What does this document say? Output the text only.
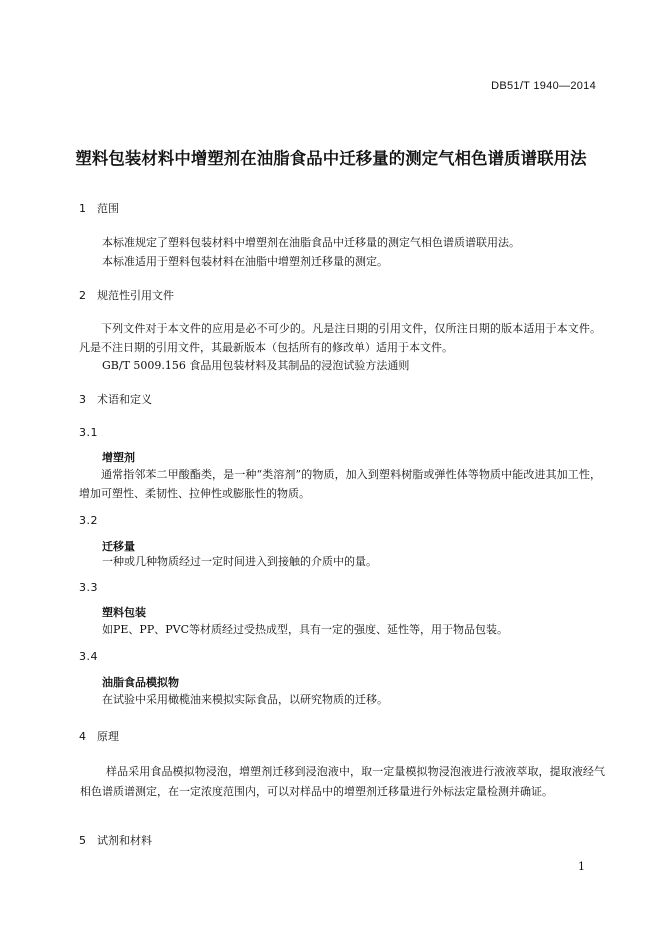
DB51/T 1940—2014
塑料包装材料中增塑剂在油脂食品中迁移量的测定气相色谱质谱联用法
1 范围
本标准规定了塑料包装材料中增塑剂在油脂食品中迁移量的测定气相色谱质谱联用法。
本标准适用于塑料包装材料在油脂中增塑剂迁移量的测定。
2 规范性引用文件
下列文件对于本文件的应用是必不可少的。凡是注日期的引用文件，仅所注日期的版本适用于本文件。凡是不注日期的引用文件，其最新版本（包括所有的修改单）适用于本文件。
GB/T 5009.156 食品用包装材料及其制品的浸泡试验方法通则
3 术语和定义
3.1
增塑剂
通常指邻苯二甲酸酯类，是一种“类溶剂”的物质，加入到塑料树脂或弹性体等物质中能改进其加工性，增加可塑性、柔韧性、拉伸性或膨胀性的物质。
3.2
迁移量
一种或几种物质经过一定时间进入到接触的介质中的量。
3.3
塑料包装
如PE、PP、PVC等材质经过受热成型，具有一定的强度、延性等，用于物品包装。
3.4
油脂食品模拟物
在试验中采用橄榄油来模拟实际食品，以研究物质的迁移。
4 原理
样品采用食品模拟物浸泡，增塑剂迁移到浸泡液中，取一定量模拟物浸泡液进行液液萃取，提取液经气相色谱质谱测定，在一定浓度范围内，可以对样品中的增塑剂迁移量进行外标法定量检测并确证。
5 试剂和材料
1
